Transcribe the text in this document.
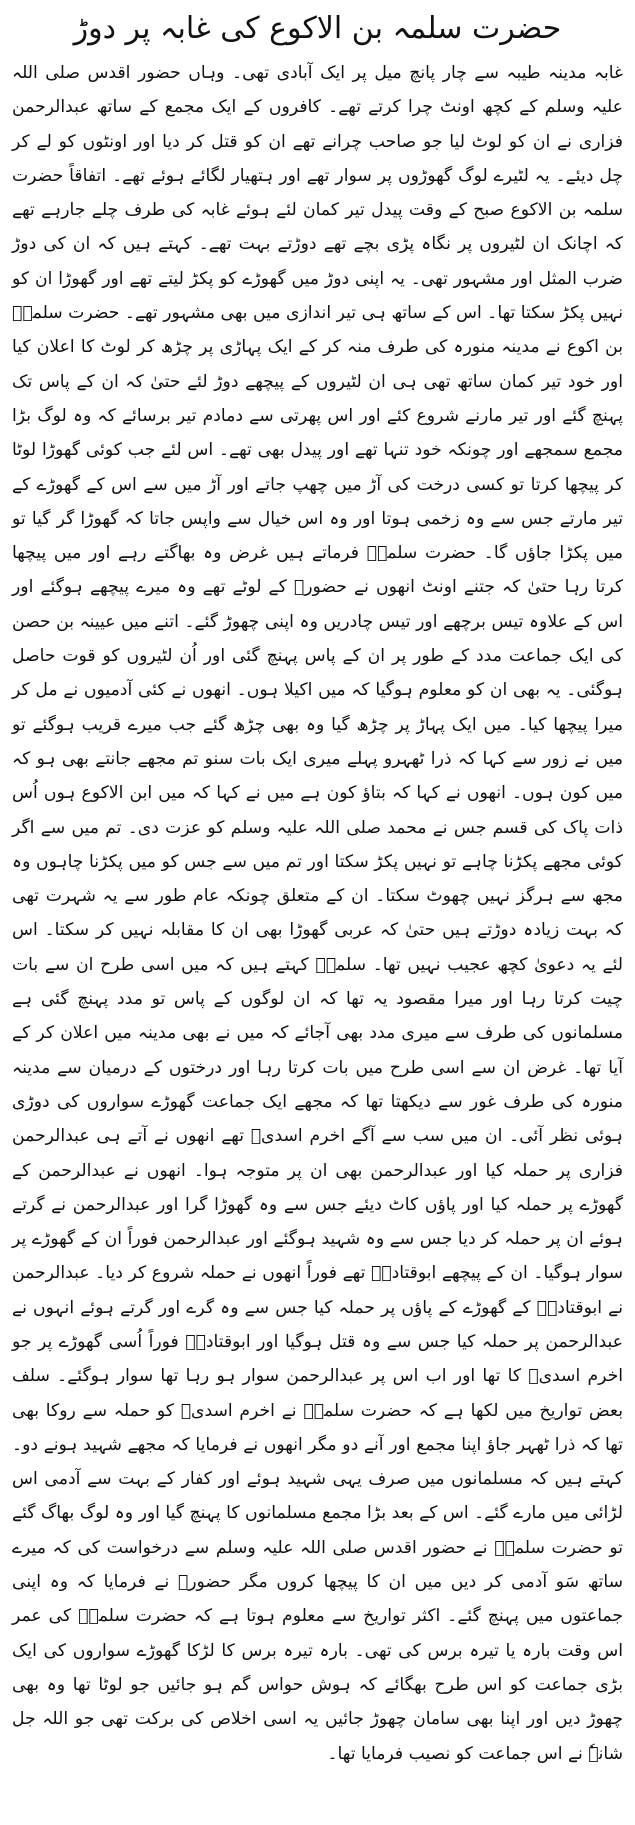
حضرت سلمہ بن الاکوع کی غابہ پر دوڑ

غابہ مدینہ طیبہ سے چار پانچ میل پر ایک آبادی تھی۔ وہاں حضور اقدس صلی اللہ علیہ وسلم کے کچھ اونٹ چرا کرتے تھے۔ کافروں کے ایک مجمع کے ساتھ عبدالرحمن فزاری نے ان کو لوٹ لیا جو صاحب چرانے تھے ان کو قتل کر دیا اور اونٹوں کو لے کر چل دیئے۔ یہ لٹیرے لوگ گھوڑوں پر سوار تھے اور ہتھیار لگائے ہوئے تھے۔ اتفاقاً حضرت سلمہ بن الاکوع صبح کے وقت پیدل تیر کمان لئے ہوئے غابہ کی طرف چلے جارہے تھے کہ اچانک ان لٹیروں پر نگاہ پڑی بچے تھے دوڑتے بہت تھے۔ کہتے ہیں کہ ان کی دوڑ ضرب المثل اور مشہور تھی۔ یہ اپنی دوڑ میں گھوڑے کو پکڑ لیتے تھے اور گھوڑا ان کو نہیں پکڑ سکتا تھا۔ اس کے ساتھ ہی تیر اندازی میں بھی مشہور تھے۔ حضرت سلمہؓ بن اکوع نے مدینہ منورہ کی طرف منہ کر کے ایک پہاڑی پر چڑھ کر لوٹ کا اعلان کیا اور خود تیر کمان ساتھ تھی ہی ان لٹیروں کے پیچھے دوڑ لئے حتیٰ کہ ان کے پاس تک پہنچ گئے اور تیر مارنے شروع کئے اور اس پھرتی سے دمادم تیر برسائے کہ وہ لوگ بڑا مجمع سمجھے اور چونکہ خود تنہا تھے اور پیدل بھی تھے۔ اس لئے جب کوئی گھوڑا لوٹا کر پیچھا کرتا تو کسی درخت کی آڑ میں چھپ جاتے اور آڑ میں سے اس کے گھوڑے کے تیر مارتے جس سے وہ زخمی ہوتا اور وہ اس خیال سے واپس جاتا کہ گھوڑا گر گیا تو میں پکڑا جاؤں گا۔ حضرت سلمہؓ فرماتے ہیں غرض وہ بھاگتے رہے اور میں پیچھا کرتا رہا حتیٰ کہ جتنے اونٹ انھوں نے حضورؐ کے لوٹے تھے وہ میرے پیچھے ہوگئے اور اس کے علاوہ تیس برچھے اور تیس چادریں وہ اپنی چھوڑ گئے۔ اتنے میں عیینہ بن حصن کی ایک جماعت مدد کے طور پر ان کے پاس پہنچ گئی اور اُن لٹیروں کو قوت حاصل ہوگئی۔ یہ بھی ان کو معلوم ہوگیا کہ میں اکیلا ہوں۔ انھوں نے کئی آدمیوں نے مل کر میرا پیچھا کیا۔ میں ایک پہاڑ پر چڑھ گیا وہ بھی چڑھ گئے جب میرے قریب ہوگئے تو میں نے زور سے کہا کہ ذرا ٹھہرو پہلے میری ایک بات سنو تم مجھے جانتے بھی ہو کہ میں کون ہوں۔ انھوں نے کہا کہ بتاؤ کون ہے میں نے کہا کہ میں ابن الاکوع ہوں اُس ذات پاک کی قسم جس نے محمد صلی اللہ علیہ وسلم کو عزت دی۔ تم میں سے اگر کوئی مجھے پکڑنا چاہے تو نہیں پکڑ سکتا اور تم میں سے جس کو میں پکڑنا چاہوں وہ مجھ سے ہرگز نہیں چھوٹ سکتا۔ ان کے متعلق چونکہ عام طور سے یہ شہرت تھی کہ بہت زیادہ دوڑتے ہیں حتیٰ کہ عربی گھوڑا بھی ان کا مقابلہ نہیں کر سکتا۔ اس لئے یہ دعویٰ کچھ عجیب نہیں تھا۔ سلمہؓ کہتے ہیں کہ میں اسی طرح ان سے بات چیت کرتا رہا اور میرا مقصود یہ تھا کہ ان لوگوں کے پاس تو مدد پہنچ گئی ہے مسلمانوں کی طرف سے میری مدد بھی آجائے کہ میں نے بھی مدینہ میں اعلان کر کے آیا تھا۔ غرض ان سے اسی طرح میں بات کرتا رہا اور درختوں کے درمیان سے مدینہ منورہ کی طرف غور سے دیکھتا تھا کہ مجھے ایک جماعت گھوڑے سواروں کی دوڑی ہوئی نظر آئی۔ ان میں سب سے آگے اخرم اسدیؓ تھے انھوں نے آتے ہی عبدالرحمن فزاری پر حملہ کیا اور عبدالرحمن بھی ان پر متوجہ ہوا۔ انھوں نے عبدالرحمن کے گھوڑے پر حملہ کیا اور پاؤں کاٹ دیئے جس سے وہ گھوڑا گرا اور عبدالرحمن نے گرتے ہوئے ان پر حملہ کر دیا جس سے وہ شہید ہوگئے اور عبدالرحمن فوراً ان کے گھوڑے پر سوار ہوگیا۔ ان کے پیچھے ابوقتادہؓ تھے فوراً انھوں نے حملہ شروع کر دیا۔ عبدالرحمن نے ابوقتادہؓ کے گھوڑے کے پاؤں پر حملہ کیا جس سے وہ گرے اور گرتے ہوئے انہوں نے عبدالرحمن پر حملہ کیا جس سے وہ قتل ہوگیا اور ابوقتادہؓ فوراً اُسی گھوڑے پر جو اخرم اسدیؓ کا تھا اور اب اس پر عبدالرحمن سوار ہو رہا تھا سوار ہوگئے۔ سلف بعض تواریخ میں لکھا ہے کہ حضرت سلمہؓ نے اخرم اسدیؓ کو حملہ سے روکا بھی تھا کہ ذرا ٹھہر جاؤ اپنا مجمع اور آنے دو مگر انھوں نے فرمایا کہ مجھے شہید ہونے دو۔ کہتے ہیں کہ مسلمانوں میں صرف یہی شہید ہوئے اور کفار کے بہت سے آدمی اس لڑائی میں مارے گئے۔ اس کے بعد بڑا مجمع مسلمانوں کا پہنچ گیا اور وہ لوگ بھاگ گئے تو حضرت سلمہؓ نے حضور اقدس صلی اللہ علیہ وسلم سے درخواست کی کہ میرے ساتھ سَو آدمی کر دیں میں ان کا پیچھا کروں مگر حضورؐ نے فرمایا کہ وہ اپنی جماعتوں میں پہنچ گئے۔ اکثر تواریخ سے معلوم ہوتا ہے کہ حضرت سلمہؓ کی عمر اس وقت بارہ یا تیرہ برس کی تھی۔ بارہ تیرہ برس کا لڑکا گھوڑے سواروں کی ایک بڑی جماعت کو اس طرح بھگائے کہ ہوش حواس گم ہو جائیں جو لوٹا تھا وہ بھی چھوڑ دیں اور اپنا بھی سامان چھوڑ جائیں یہ اسی اخلاص کی برکت تھی جو اللہ جل شانہٗ نے اس جماعت کو نصیب فرمایا تھا۔
